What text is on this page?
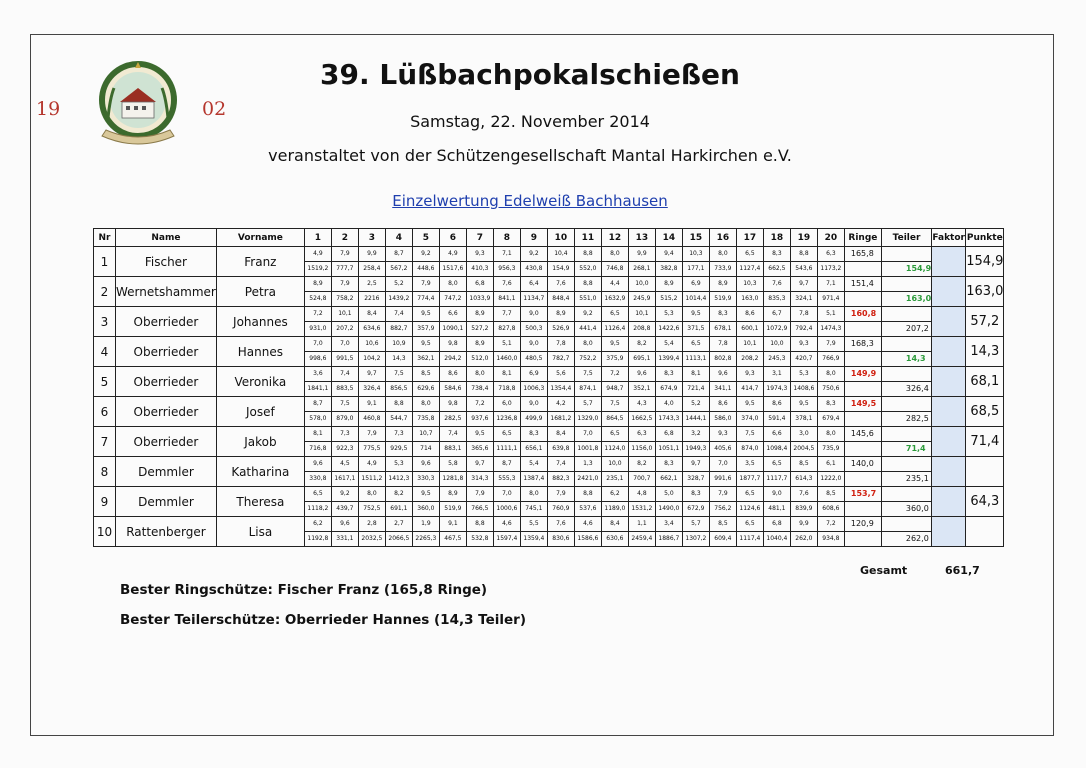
19	02
39. Lüßbachpokalschießen
Samstag, 22. November 2014
veranstaltet von der Schützengesellschaft Mantal Harkirchen e.V.
Einzelwertung Edelweiß Bachhausen
Nr	Name	Vorname	1	2	3	4	5	6	7	8	9	10	11	12	13	14	15	16	17	18	19	20	Ringe	Teiler	Faktor	Punkte
1	Fischer	Franz	4,9	7,9	9,9	8,7	9,2	4,9	9,3	7,1	9,2	10,4	8,8	8,0	9,9	9,4	10,3	8,0	6,5	8,3	8,8	6,3	165,8			154,9
			1519,2	777,7	258,4	567,2	448,6	1517,6	410,3	956,3	430,8	154,9	552,0	746,8	268,1	382,8	177,1	733,9	1127,4	662,5	543,6	1173,2		154,9		
2	Wernetshammer	Petra	8,9	7,9	2,5	5,2	7,9	8,0	6,8	7,6	6,4	7,6	8,8	4,4	10,0	8,9	6,9	8,9	10,3	7,6	9,7	7,1	151,4			163,0
			524,8	758,2	2216	1439,2	774,4	747,2	1033,9	841,1	1134,7	848,4	551,0	1632,9	245,9	515,2	1014,4	519,9	163,0	835,3	324,1	971,4		163,0		
3	Oberrieder	Johannes	7,2	10,1	8,4	7,4	9,5	6,6	8,9	7,7	9,0	8,9	9,2	6,5	10,1	5,3	9,5	8,3	8,6	6,7	7,8	5,1	160,8			57,2
			931,0	207,2	634,6	882,7	357,9	1090,1	527,2	827,8	500,3	526,9	441,4	1126,4	208,8	1422,6	371,5	678,1	600,1	1072,9	792,4	1474,3		207,2		
4	Oberrieder	Hannes	7,0	7,0	10,6	10,9	9,5	9,8	8,9	5,1	9,0	7,8	8,0	9,5	8,2	5,4	6,5	7,8	10,1	10,0	9,3	7,9	168,3			14,3
			998,6	991,5	104,2	14,3	362,1	294,2	512,0	1460,0	480,5	782,7	752,2	375,9	695,1	1399,4	1113,1	802,8	208,2	245,3	420,7	766,9		14,3		
5	Oberrieder	Veronika	3,6	7,4	9,7	7,5	8,5	8,6	8,0	8,1	6,9	5,6	7,5	7,2	9,6	8,3	8,1	9,6	9,3	3,1	5,3	8,0	149,9			68,1
			1841,1	883,5	326,4	856,5	629,6	584,6	738,4	718,8	1006,3	1354,4	874,1	948,7	352,1	674,9	721,4	341,1	414,7	1974,3	1408,6	750,6		326,4		
6	Oberrieder	Josef	8,7	7,5	9,1	8,8	8,0	9,8	7,2	6,0	9,0	4,2	5,7	7,5	4,3	4,0	5,2	8,6	9,5	8,6	9,5	8,3	149,5			68,5
			578,0	879,0	460,8	544,7	735,8	282,5	937,6	1236,8	499,9	1681,2	1329,0	864,5	1662,5	1743,3	1444,1	586,0	374,0	591,4	378,1	679,4		282,5		
7	Oberrieder	Jakob	8,1	7,3	7,9	7,3	10,7	7,4	9,5	6,5	8,3	8,4	7,0	6,5	6,3	6,8	3,2	9,3	7,5	6,6	3,0	8,0	145,6			71,4
			716,8	922,3	775,5	929,5	714	883,1	365,6	1111,1	656,1	639,8	1001,8	1124,0	1156,0	1051,1	1949,3	405,6	874,0	1098,4	2004,5	735,9		71,4		
8	Demmler	Katharina	9,6	4,5	4,9	5,3	9,6	5,8	9,7	8,7	5,4	7,4	1,3	10,0	8,2	8,3	9,7	7,0	3,5	6,5	8,5	6,1	140,0			
			330,8	1617,1	1511,2	1412,3	330,3	1281,8	314,3	555,3	1387,4	882,3	2421,0	235,1	700,7	662,1	328,7	991,6	1877,7	1117,7	614,3	1222,0		235,1		
9	Demmler	Theresa	6,5	9,2	8,0	8,2	9,5	8,9	7,9	7,0	8,0	7,9	8,8	6,2	4,8	5,0	8,3	7,9	6,5	9,0	7,6	8,5	153,7			64,3
			1118,2	439,7	752,5	691,1	360,0	519,9	766,5	1000,6	745,1	760,9	537,6	1189,0	1531,2	1490,0	672,9	756,2	1124,6	481,1	839,9	608,6		360,0		
10	Rattenberger	Lisa	6,2	9,6	2,8	2,7	1,9	9,1	8,8	4,6	5,5	7,6	4,6	8,4	1,1	3,4	5,7	8,5	6,5	6,8	9,9	7,2	120,9			
			1192,8	331,1	2032,5	2066,5	2265,3	467,5	532,8	1597,4	1359,4	830,6	1586,6	630,6	2459,4	1886,7	1307,2	609,4	1117,4	1040,4	262,0	934,8		262,0		
Gesamt	661,7
Bester Ringschütze: Fischer Franz (165,8 Ringe)
Bester Teilerschütze: Oberrieder Hannes (14,3 Teiler)
